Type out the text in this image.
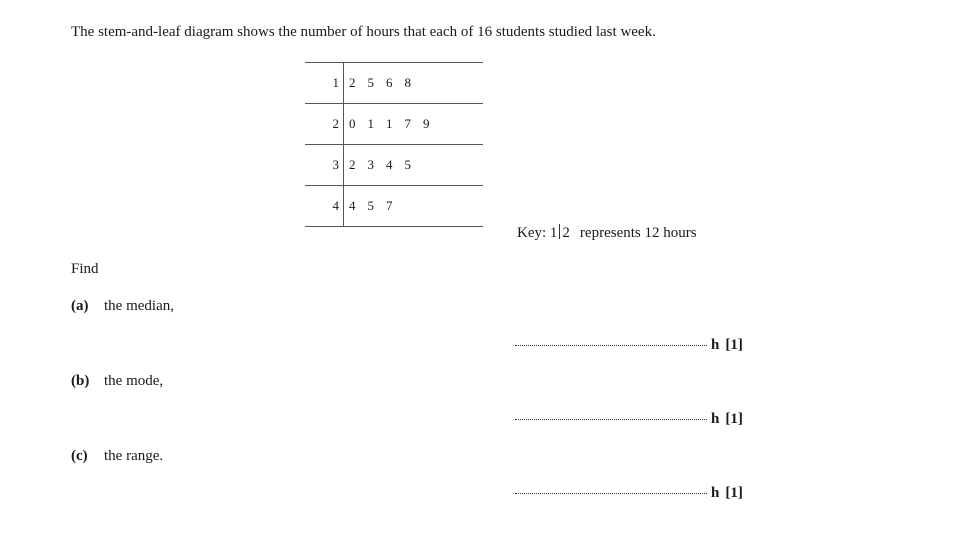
The stem-and-leaf diagram shows the number of hours that each of 16 students studied last week.
1 2 5 6 8
2 0 1 1 7 9
3 2 3 4 5
4 4 5 7
Key: 1 2 represents 12 hours
Find
(a) the median,
h [1]
(b) the mode,
h [1]
(c) the range.
h [1]
